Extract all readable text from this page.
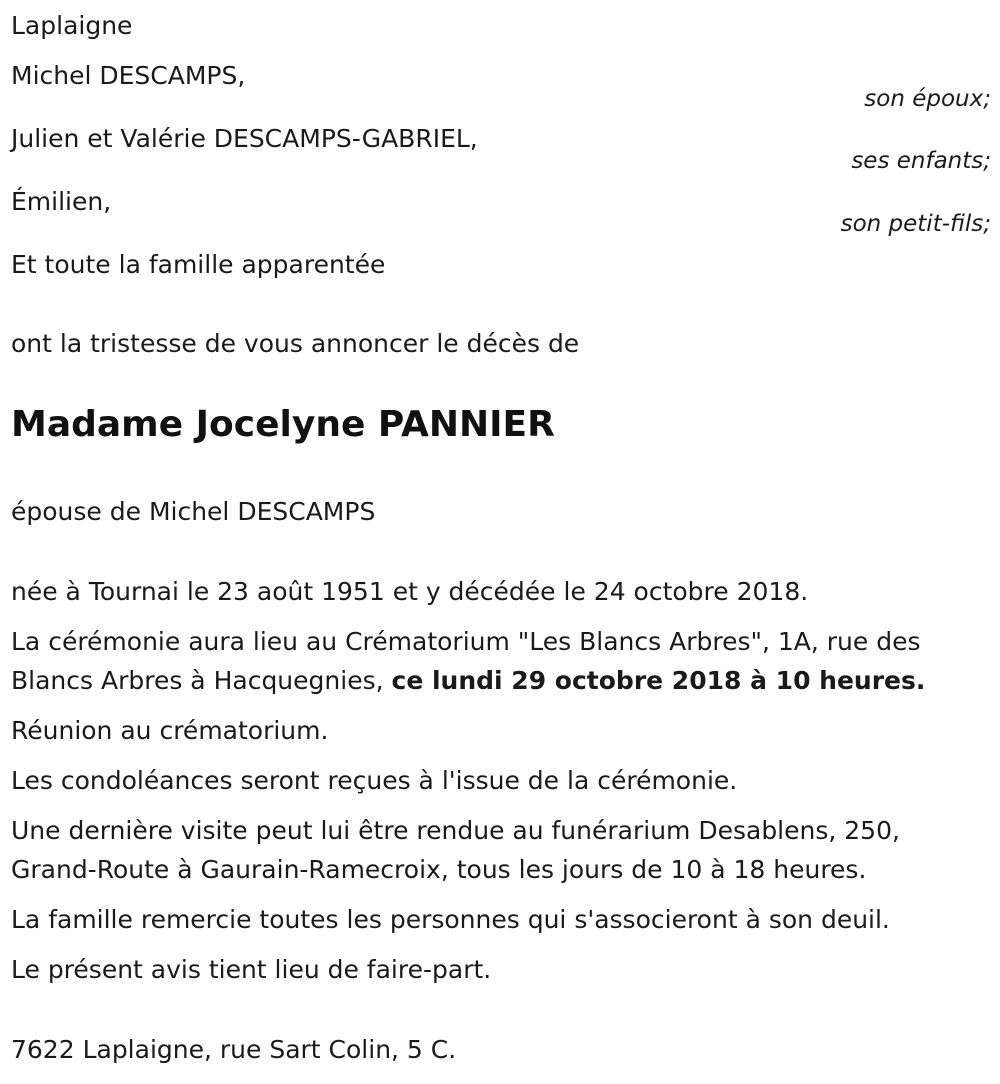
Laplaigne
Michel DESCAMPS,
son époux;
Julien et Valérie DESCAMPS-GABRIEL,
ses enfants;
Émilien,
son petit-fils;
Et toute la famille apparentée
ont la tristesse de vous annoncer le décès de
Madame Jocelyne PANNIER
épouse de Michel DESCAMPS
née à Tournai le 23 août 1951 et y décédée le 24 octobre 2018.
La cérémonie aura lieu au Crématorium "Les Blancs Arbres", 1A, rue des
Blancs Arbres à Hacquegnies, ce lundi 29 octobre 2018 à 10 heures.
Réunion au crématorium.
Les condoléances seront reçues à l'issue de la cérémonie.
Une dernière visite peut lui être rendue au funérarium Desablens, 250,
Grand-Route à Gaurain-Ramecroix, tous les jours de 10 à 18 heures.
La famille remercie toutes les personnes qui s'associeront à son deuil.
Le présent avis tient lieu de faire-part.
7622 Laplaigne, rue Sart Colin, 5 C.
